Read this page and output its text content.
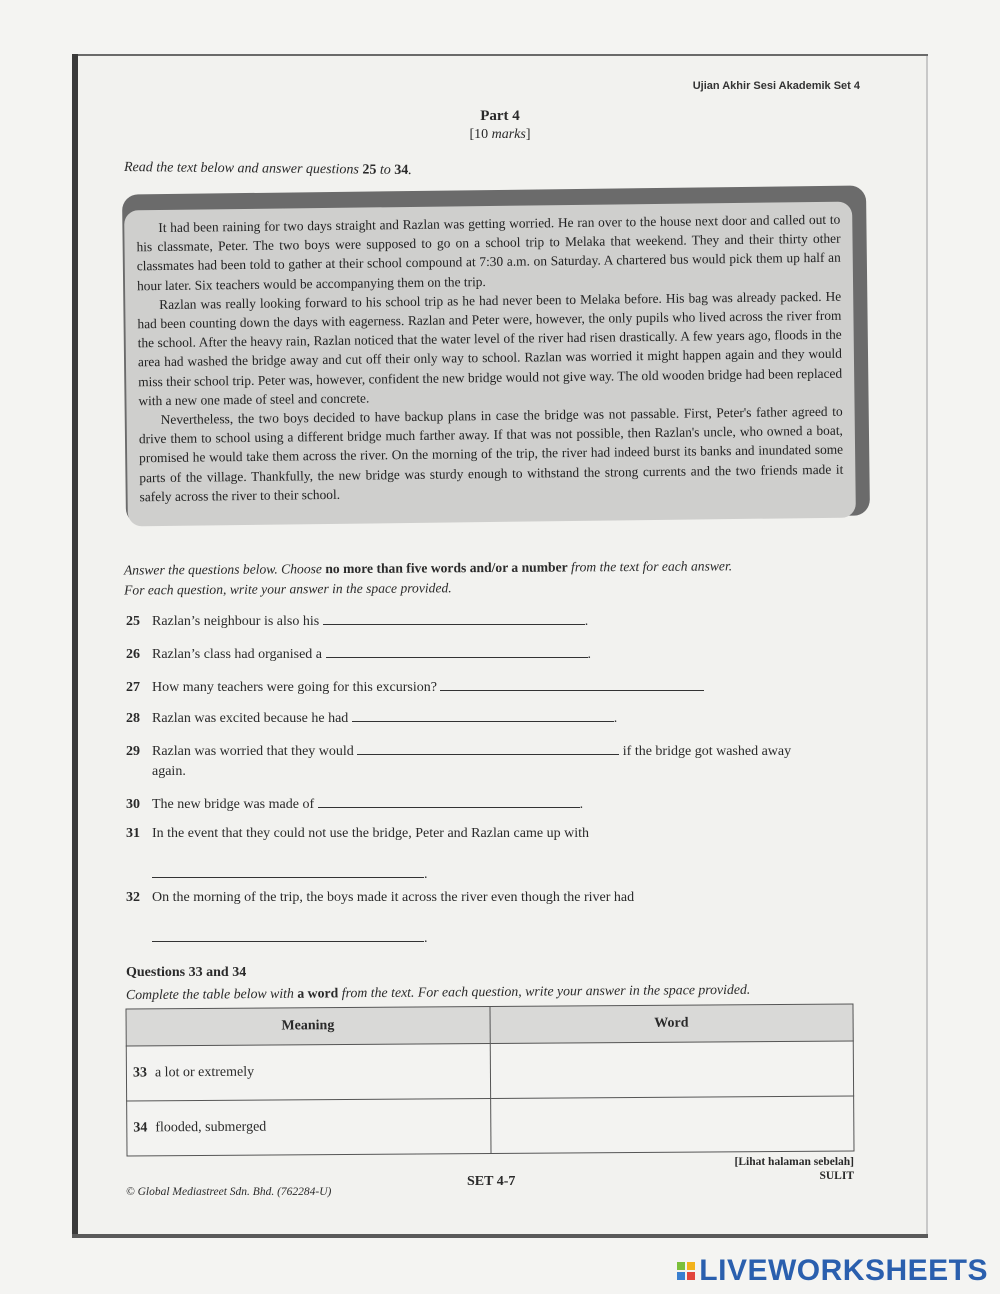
Ujian Akhir Sesi Akademik Set 4
Part 4
[10 marks]
Read the text below and answer questions 25 to 34.

It had been raining for two days straight and Razlan was getting worried. He ran over to the house next door and called out to his classmate, Peter. The two boys were supposed to go on a school trip to Melaka that weekend. They and their thirty other classmates had been told to gather at their school compound at 7:30 a.m. on Saturday. A chartered bus would pick them up half an hour later. Six teachers would be accompanying them on the trip.

Razlan was really looking forward to his school trip as he had never been to Melaka before. His bag was already packed. He had been counting down the days with eagerness. Razlan and Peter were, however, the only pupils who lived across the river from the school. After the heavy rain, Razlan noticed that the water level of the river had risen drastically. A few years ago, floods in the area had washed the bridge away and cut off their only way to school. Razlan was worried it might happen again and they would miss their school trip. Peter was, however, confident the new bridge would not give way. The old wooden bridge had been replaced with a new one made of steel and concrete.

Nevertheless, the two boys decided to have backup plans in case the bridge was not passable. First, Peter's father agreed to drive them to school using a different bridge much farther away. If that was not possible, then Razlan's uncle, who owned a boat, promised he would take them across the river. On the morning of the trip, the river had indeed burst its banks and inundated some parts of the village. Thankfully, the new bridge was sturdy enough to withstand the strong currents and the two friends made it safely across the river to their school.

Answer the questions below. Choose no more than five words and/or a number from the text for each answer.
For each question, write your answer in the space provided.
25 Razlan’s neighbour is also his	.
26 Razlan’s class had organised a	.
27 How many teachers were going for this excursion?
28 Razlan was excited because he had	.
29 Razlan was worried that they would	if the bridge got washed away
again.
30 The new bridge was made of	.
31 In the event that they could not use the bridge, Peter and Razlan came up with
.
32 On the morning of the trip, the boys made it across the river even though the river had
.
Questions 33 and 34
Complete the table below with a word from the text. For each question, write your answer in the space provided.
Meaning	Word
33 a lot or extremely	
34 flooded, submerged	
[Lihat halaman sebelah]
SULIT
SET 4-7
© Global Mediastreet Sdn. Bhd. (762284-U)
LIVEWORKSHEETS
